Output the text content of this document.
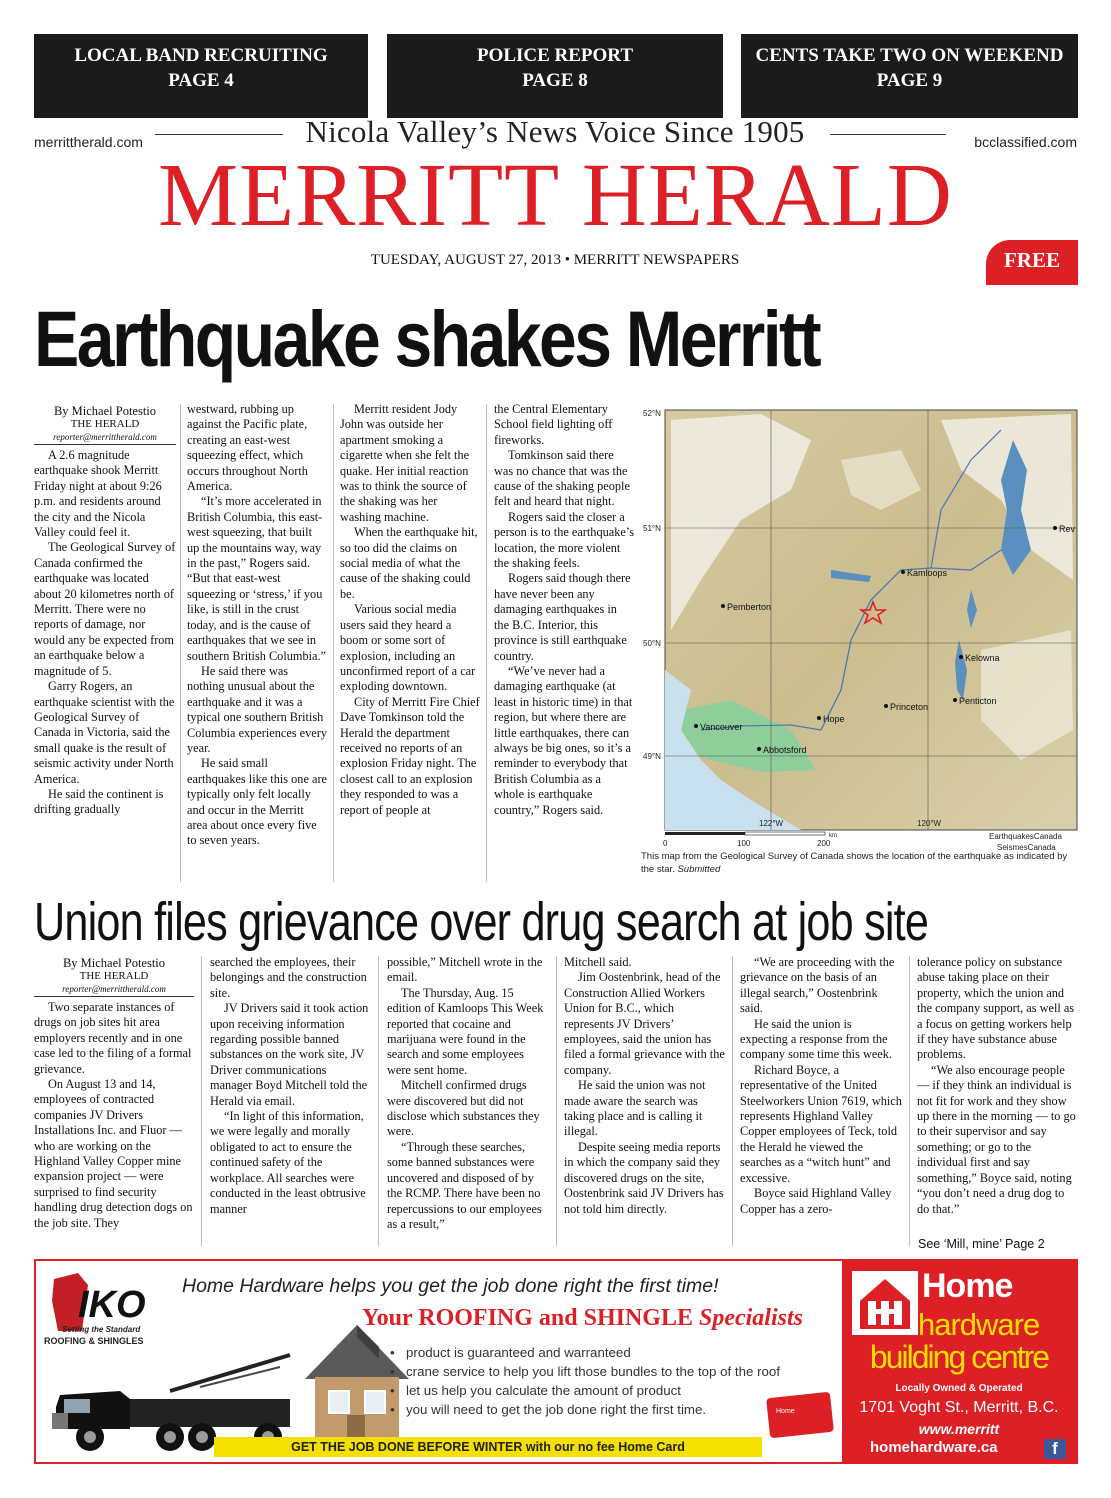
LOCAL BAND RECRUITING
PAGE 4
POLICE REPORT
PAGE 8
CENTS TAKE TWO ON WEEKEND
PAGE 9
merrittherald.com	bcclassified.com
Nicola Valley’s News Voice Since 1905
MERRITT HERALD
TUESDAY, AUGUST 27, 2013 • MERRITT NEWSPAPERS	FREE
Earthquake shakes Merritt
By Michael Potestio
THE HERALD
reporter@merrittherald.com

A 2.6 magnitude earthquake shook Merritt Friday night at about 9:26 p.m. and residents around the city and the Nicola Valley could feel it.

The Geological Survey of Canada confirmed the earthquake was located about 20 kilometres north of Merritt. There were no reports of damage, nor would any be expected from an earthquake below a magnitude of 5.

Garry Rogers, an earthquake scientist with the Geological Survey of Canada in Victoria, said the small quake is the result of seismic activity under North America.

He said the continent is drifting gradually

westward, rubbing up against the Pacific plate, creating an east-west squeezing effect, which occurs throughout North America.

“It’s more accelerated in British Columbia, this east-west squeezing, that built up the mountains way, way in the past,” Rogers said. “But that east-west squeezing or ‘stress,’ if you like, is still in the crust today, and is the cause of earthquakes that we see in southern British Columbia.”

He said there was nothing unusual about the earthquake and it was a typical one southern British Columbia experiences every year.

He said small earthquakes like this one are typically only felt locally and occur in the Merritt area about once every five to seven years.

Merritt resident Jody John was outside her apartment smoking a cigarette when she felt the quake. Her initial reaction was to think the source of the shaking was her washing machine.

When the earthquake hit, so too did the claims on social media of what the cause of the shaking could be.

Various social media users said they heard a boom or some sort of explosion, including an unconfirmed report of a car exploding downtown.

City of Merritt Fire Chief Dave Tomkinson told the Herald the department received no reports of an explosion Friday night. The closest call to an explosion they responded to was a report of people at

the Central Elementary School field lighting off fireworks.

Tomkinson said there was no chance that was the cause of the shaking people felt and heard that night.

Rogers said the closer a person is to the earthquake’s location, the more violent the shaking feels.

Rogers said though there have never been any damaging earthquakes in the B.C. Interior, this province is still earthquake country.

“We’ve never had a damaging earthquake (at least in historic time) in that region, but where there are little earthquakes, there can always be big ones, so it’s a reminder to everybody that British Columbia as a whole is earthquake country,” Rogers said.

52°N
51°N
50°N
49°N
122°W	120°W
Pemberton
Kamloops
Kelowna
Penticton
Princeton
Hope
Vancouver
Abbotsford
Rev
0	100	200
km	EarthquakesCanada
SeismesCanada
This map from the Geological Survey of Canada shows the location of the earthquake as indicated by the star. Submitted
Union files grievance over drug search at job site
By Michael Potestio
THE HERALD
reporter@merrittherald.com

Two separate instances of drugs on job sites hit area employers recently and in one case led to the filing of a formal grievance.

On August 13 and 14, employees of contracted companies JV Drivers Installations Inc. and Fluor — who are working on the Highland Valley Copper mine expansion project — were surprised to find security handling drug detection dogs on the job site. They

searched the employees, their belongings and the construction site.

JV Drivers said it took action upon receiving information regarding possible banned substances on the work site, JV Driver communications manager Boyd Mitchell told the Herald via email.

“In light of this information, we were legally and morally obligated to act to ensure the continued safety of the workplace. All searches were conducted in the least obtrusive manner

possible,” Mitchell wrote in the email.

The Thursday, Aug. 15 edition of Kamloops This Week reported that cocaine and marijuana were found in the search and some employees were sent home.

Mitchell confirmed drugs were discovered but did not disclose which substances they were.

“Through these searches, some banned substances were uncovered and disposed of by the RCMP. There have been no repercussions to our employees as a result,”

Mitchell said.

Jim Oostenbrink, head of the Construction Allied Workers Union for B.C., which represents JV Drivers’ employees, said the union has filed a formal grievance with the company.

He said the union was not made aware the search was taking place and is calling it illegal.

Despite seeing media reports in which the company said they discovered drugs on the site, Oostenbrink said JV Drivers has not told him directly.

“We are proceeding with the grievance on the basis of an illegal search,” Oostenbrink said.

He said the union is expecting a response from the company some time this week.

Richard Boyce, a representative of the United Steelworkers Union 7619, which represents Highland Valley Copper employees of Teck, told the Herald he viewed the searches as a “witch hunt” and excessive.

Boyce said Highland Valley Copper has a zero-

tolerance policy on substance abuse taking place on their property, which the union and the company support, as well as a focus on getting workers help if they have substance abuse problems.

“We also encourage people — if they think an individual is not fit for work and they show up there in the morning — to go to their supervisor and say something; or go to the individual first and say something,” Boyce said, noting “you don’t need a drug dog to do that.”

See ‘Mill, mine’ Page 2
IKO
Setting the Standard
ROOFING & SHINGLES
Home Hardware helps you get the job done right the first time!
Your ROOFING and SHINGLE Specialists
• product is guaranteed and warranteed
• crane service to help you lift those bundles to the top of the roof
• let us help you calculate the amount of product
• you will need to get the job done right the first time.
GET THE JOB DONE BEFORE WINTER with our no fee Home Card
Home
Home
hardware
building centre
Locally Owned & Operated
1701 Voght St., Merritt, B.C.
www.merritt
homehardware.ca	f
